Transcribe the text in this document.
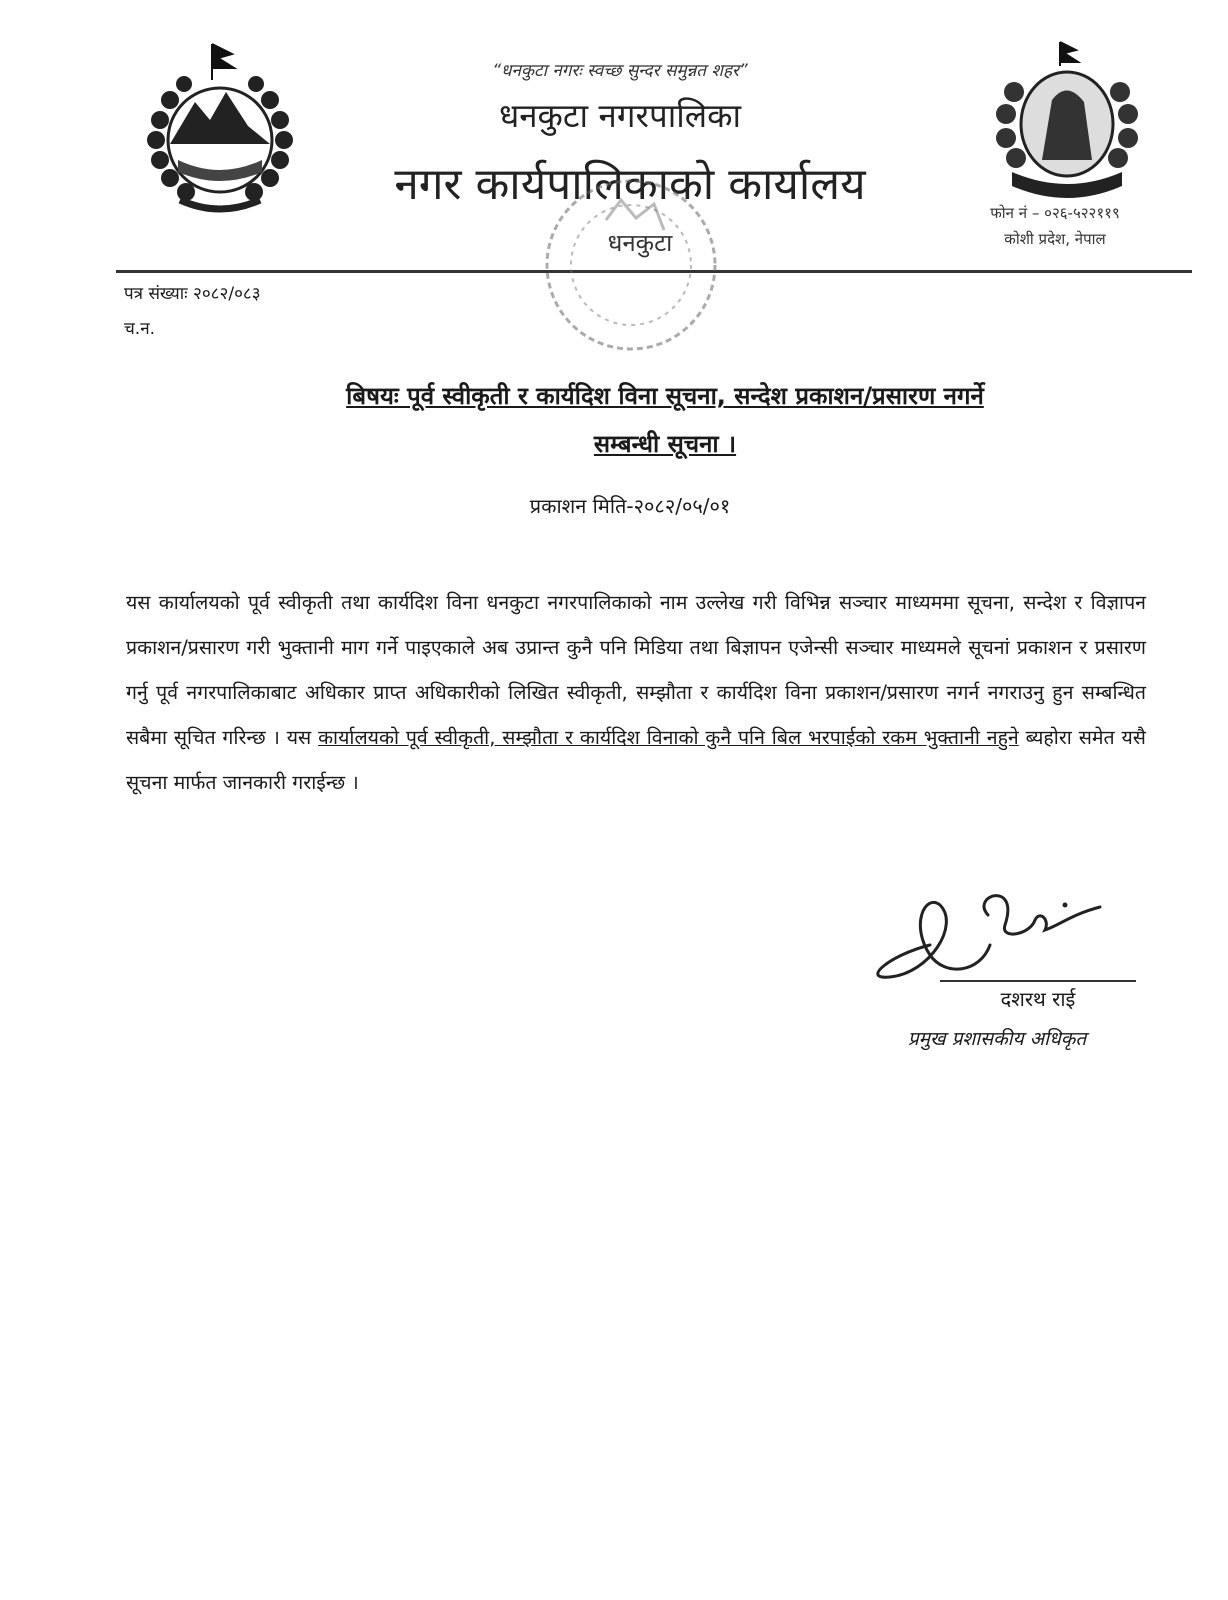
“धनकुटा नगरः स्वच्छ सुन्दर समुन्नत शहर”
धनकुटा नगरपालिका
नगर कार्यपालिकाको कार्यालय
धनकुटा
फोन नं – ०२६-५२२११९
कोशी प्रदेश, नेपाल
पत्र संख्याः २०८२/०८३
च.न.
बिषयः पूर्व स्वीकृती र कार्यदिश विना सूचना, सन्देश प्रकाशन/प्रसारण नगर्ने
सम्बन्धी सूचना ।
प्रकाशन मिति-२०८२/०५/०१
यस कार्यालयको पूर्व स्वीकृती तथा कार्यदिश विना धनकुटा नगरपालिकाको नाम उल्लेख गरी विभिन्न सञ्चार माध्यममा सूचना, सन्देश र विज्ञापन प्रकाशन/प्रसारण गरी भुक्तानी माग गर्ने पाइएकाले अब उप्रान्त कुनै पनि मिडिया तथा बिज्ञापन एजेन्सी सञ्चार माध्यमले सूचनां प्रकाशन र प्रसारण गर्नु पूर्व नगरपालिकाबाट अधिकार प्राप्त अधिकारीको लिखित स्वीकृती, सम्झौता र कार्यदिश विना प्रकाशन/प्रसारण नगर्न नगराउनु हुन सम्बन्धित सबैमा सूचित गरिन्छ । यस कार्यालयको पूर्व स्वीकृती, सम्झौता र कार्यदिश विनाको कुनै पनि बिल भरपाईको रकम भुक्तानी नहुने ब्यहोरा समेत यसै सूचना मार्फत जानकारी गराईन्छ ।
दशरथ राई
प्रमुख प्रशासकीय अधिकृत
